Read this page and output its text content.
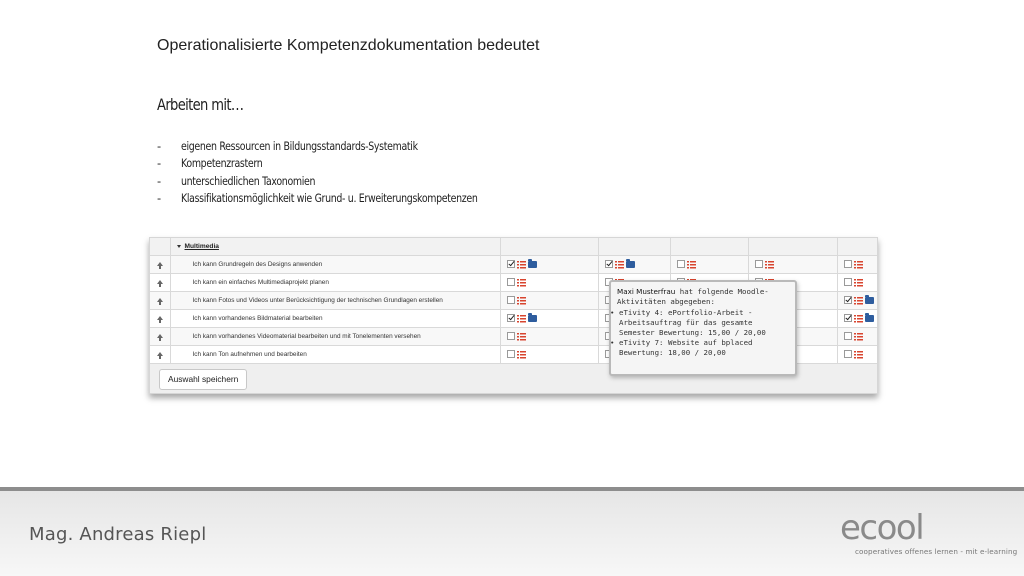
Operationalisierte Kompetenzdokumentation bedeutet
Arbeiten mit…
-	eigenen Ressourcen in Bildungsstandards-Systematik
-	Kompetenzrastern
-	unterschiedlichen Taxonomien
-	Klassifikationsmöglichkeit wie Grund- u. Erweiterungskompetenzen
	Multimedia					
	Ich kann Grundregeln des Designs anwenden					
	Ich kann ein einfaches Multimediaprojekt planen					
	Ich kann Fotos und Videos unter Berücksichtigung der technischen Grundlagen erstellen					
	Ich kann vorhandenes Bildmaterial bearbeiten					
	Ich kann vorhandenes Videomaterial bearbeiten und mit Tonelementen versehen					
	Ich kann Ton aufnehmen und bearbeiten					
Auswahl speichern
Maxi Musterfrau hat folgende Moodle-Aktivitäten abgegeben:
• eTivity 4: ePortfolio-Arbeit - Arbeitsauftrag für das gesamte Semester Bewertung: 15,00 / 20,00
• eTivity 7: Website auf bplaced Bewertung: 18,00 / 20,00
Mag. Andreas Riepl	ecool
cooperatives offenes lernen - mit e-learning
